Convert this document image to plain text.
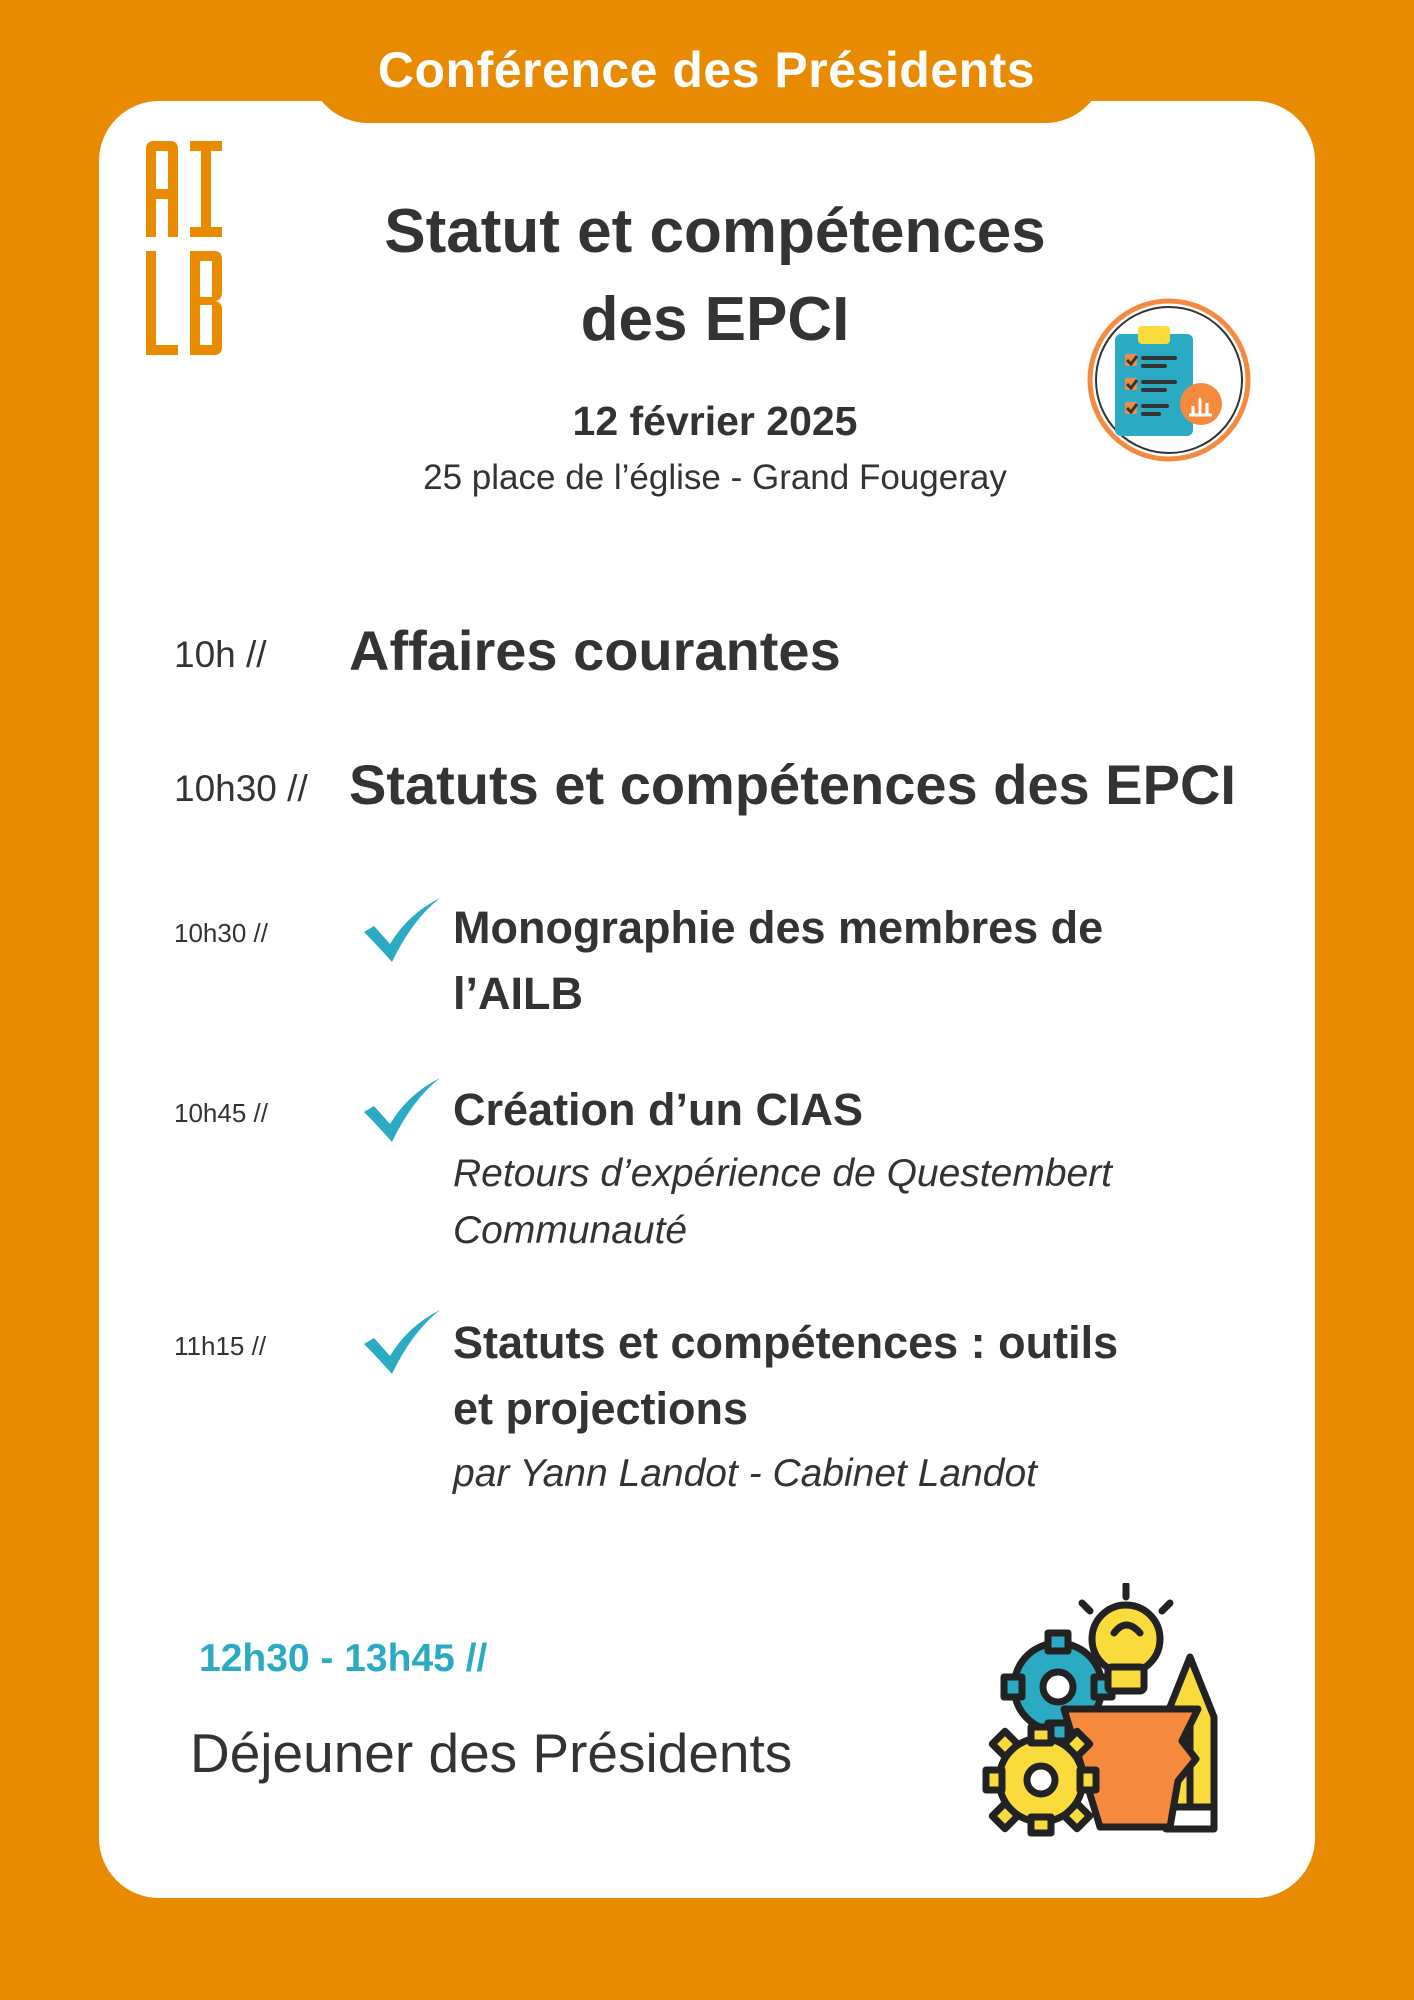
Conférence des Présidents
Statut et compétences
des EPCI
12 février 2025
25 place de l’église - Grand Fougeray
10h // Affaires courantes
10h30 // Statuts et compétences des EPCI
10h30 //	Monographie des membres de
l’AILB
10h45 //	Création d’un CIAS
Retours d’expérience de Questembert
Communauté
11h15 //	Statuts et compétences : outils
et projections
par Yann Landot - Cabinet Landot
12h30 - 13h45 //
Déjeuner des Présidents
